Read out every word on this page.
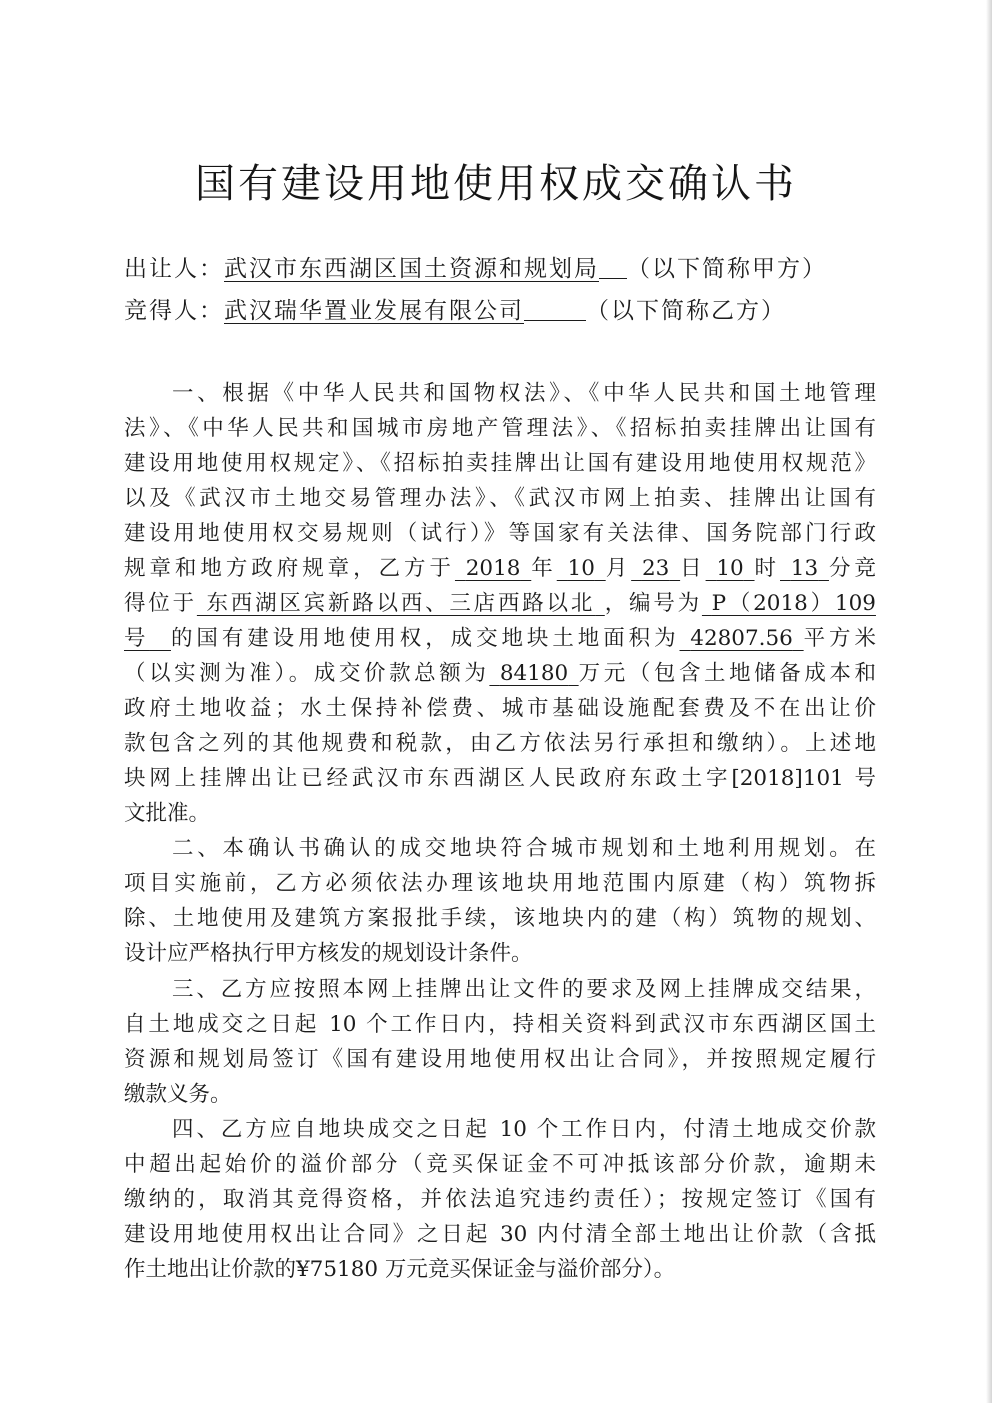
国有建设用地使用权成交确认书
出让人：武汉市东西湖区国土资源和规划局 （以下简称甲方）
竞得人：武汉瑞华置业发展有限公司	（以下简称乙方）
一、根据《中华人民共和国物权法》、《中华人民共和国土地管理
法》、《中华人民共和国城市房地产管理法》、《招标拍卖挂牌出让国有
建设用地使用权规定》、《招标拍卖挂牌出让国有建设用地使用权规范》
以及《武汉市土地交易管理办法》、《武汉市网上拍卖、挂牌出让国有
建设用地使用权交易规则（试行）》等国家有关法律、国务院部门行政
规章和地方政府规章，乙方于 2018 年 10 月 23 日 10 时 13 分竞
得位于 东西湖区宾新路以西、三店西路以北 ，编号为 P（2018）109
号 的国有建设用地使用权，成交地块土地面积为 42807.56 平方米
（以实测为准）。成交价款总额为 84180 万元（包含土地储备成本和
政府土地收益；水土保持补偿费、城市基础设施配套费及不在出让价
款包含之列的其他规费和税款，由乙方依法另行承担和缴纳）。上述地
块网上挂牌出让已经武汉市东西湖区人民政府东政土字[2018]101 号
文批准。
二、本确认书确认的成交地块符合城市规划和土地利用规划。在
项目实施前，乙方必须依法办理该地块用地范围内原建（构）筑物拆
除、土地使用及建筑方案报批手续，该地块内的建（构）筑物的规划、
设计应严格执行甲方核发的规划设计条件。
三、乙方应按照本网上挂牌出让文件的要求及网上挂牌成交结果，
自土地成交之日起 10 个工作日内，持相关资料到武汉市东西湖区国土
资源和规划局签订《国有建设用地使用权出让合同》，并按照规定履行
缴款义务。
四、乙方应自地块成交之日起 10 个工作日内，付清土地成交价款
中超出起始价的溢价部分（竞买保证金不可冲抵该部分价款，逾期未
缴纳的，取消其竞得资格，并依法追究违约责任）；按规定签订《国有
建设用地使用权出让合同》之日起 30 内付清全部土地出让价款（含抵
作土地出让价款的¥75180 万元竞买保证金与溢价部分）。
